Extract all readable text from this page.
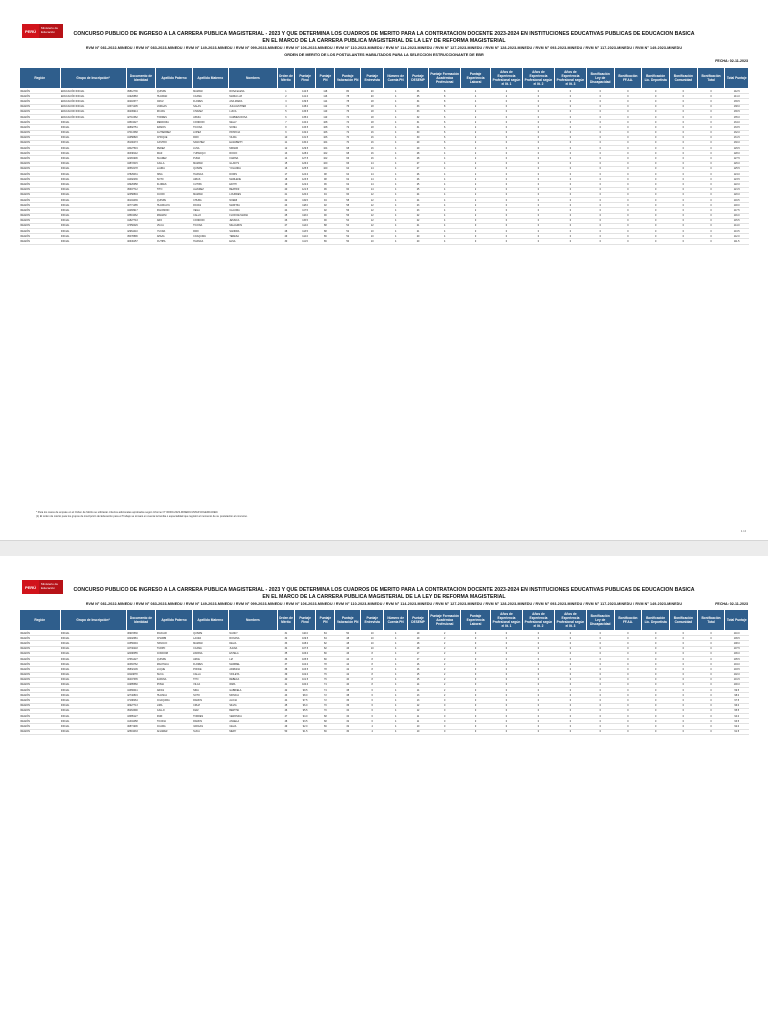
PERÚ
Ministerio de Educación	CONCURSO PUBLICO DE INGRESO A LA CARRERA PUBLICA MAGISTERIAL - 2023 Y QUE DETERMINA LOS CUADROS DE MERITO PARA LA CONTRATACION DOCENTE 2023-2024 EN INSTITUCIONES EDUCATIVAS PUBLICAS DE EDUCACION BASICA
EN EL MARCO DE LA CARRERA PUBLICA MAGISTERIAL DE LA LEY DE REFORMA MAGISTERIAL
RVM N° 081-2022-MINEDU / RVM N° 083-2023-MINEDU / RVM N° 149-2023-MINEDU / RVM N° 099-2023-MINEDU / RVM N° 106-2023-MINEDU / RVM N° 110-2023-MINEDU / RVM N° 114-2023-MINEDU / RVM N° 127-2023-MINEDU / RVM N° 128-2023-MINEDU / RVM N° 093-2023-MINEDU / RVM N° 117-2023-MINEDU / RVM N° 149-2023-MINEDU
ORDEN DE MERITO DE LOS POSTULANTES HABILITADOS PARA LA SELECCION ESTRUCCIONANTE DE EBR
FECHA: 02-11-2023
Región	Grupo de Inscripción*	Documento de Identidad	Apellido Paterno	Apellido Materno	Nombres	Orden de Mérito	Puntaje Final	Puntaje PN	Puntaje Valoración PN	Puntaje Entrevista	Número de Cuenta PN	Puntaje DESEMP	Puntaje Formación Académica Profesional	Puntaje Experiencia Laboral	Años de Experiencia Profesional según el lit. 1	Años de Experiencia Profesional según el lit. 2	Años de Experiencia Profesional según el lit. 3	Bonificación Ley de Discapacidad	Bonificación FF.AA.	Bonificación Lic. Deportista	Bonificación Comunidad	Bonificación Total	Total Puntaje
REGIÓN	EDUCACIÓN INICIAL	45812736	QUISPE	MAMANI	ROSA ELENA	1	142.5	118	80	20	4	36	8	4	2	0	0	0	0	0	0	0	142.5
REGIÓN	EDUCACIÓN INICIAL	41920883	HUAMAN	CCAMA	MARIA LUZ	2	141.0	116	78	20	4	35	8	4	2	0	0	0	0	0	0	0	141.0
REGIÓN	EDUCACIÓN INICIAL	40218377	CRUZ	FLORES	ANA MARIA	3	139.5	114	78	18	4	34	8	4	0	0	0	0	0	0	0	0	139.5
REGIÓN	EDUCACIÓN INICIAL	43371205	VARGAS	SALAS	JULIA ESTHER	4	138.0	112	76	18	4	33	8	2	0	0	0	0	0	0	0	0	138.0
REGIÓN	EDUCACIÓN INICIAL	46209914	ROJAS	CHAVEZ	LUCIA	5	136.5	110	76	18	4	33	6	2	0	0	0	0	0	0	0	0	136.5
REGIÓN	EDUCACIÓN INICIAL	42710362	TORRES	APAZA	CARMEN ROSA	6	135.0	110	74	18	4	32	6	2	0	0	0	0	0	0	0	0	135.0
REGIÓN	INICIAL	44519027	MENDOZA	CONDORI	NELLY	7	134.0	108	74	18	4	31	6	2	0	0	0	0	0	0	0	0	134.0
REGIÓN	INICIAL	40892751	RAMOS	TICONA	SONIA	8	133.5	108	72	18	4	31	6	2	0	0	0	0	0	0	0	0	133.5
REGIÓN	INICIAL	47013368	GUTIERREZ	LOPEZ	PATRICIA	9	132.0	106	72	16	4	30	6	2	0	0	0	0	0	0	0	0	132.0
REGIÓN	INICIAL	41658820	CHOQUE	PARI	VILMA	10	131.5	106	70	16	4	30	6	2	0	0	0	0	0	0	0	0	131.5
REGIÓN	INICIAL	45190473	CASTRO	SANCHEZ	ELIZABETH	11	130.0	104	70	16	4	29	6	2	0	0	0	0	0	0	0	0	130.0
REGIÓN	INICIAL	43027519	PEREZ	LUNA	MIRIAM	12	129.5	104	68	16	4	29	6	2	0	0	0	0	0	0	0	0	129.5
REGIÓN	INICIAL	46338142	DIAZ	YUPANQUI	ROCIO	13	128.0	102	68	16	4	28	4	2	0	0	0	0	0	0	0	0	128.0
REGIÓN	INICIAL	42281906	SUAREZ	PUMA	KARINA	14	127.5	102	66	16	4	28	4	2	0	0	0	0	0	0	0	0	127.5
REGIÓN	INICIAL	44872015	CALLA	MAMANI	GLADYS	15	126.0	100	66	14	4	27	4	2	0	0	0	0	0	0	0	0	126.0
REGIÓN	INICIAL	40563178	LAURA	QUISPE	YOLANDA	16	125.5	100	64	14	4	27	4	2	0	0	0	0	0	0	0	0	125.5
REGIÓN	INICIAL	47829031	NINA	HUANCA	DORIS	17	124.0	98	64	14	4	26	4	2	0	0	0	0	0	0	0	0	124.0
REGIÓN	INICIAL	41092236	SOTO	ARIAS	MARLENE	18	123.5	98	62	14	4	26	4	2	0	0	0	0	0	0	0	0	123.5
REGIÓN	INICIAL	43926658	FLORES	CUTIPA	EDITH	19	122.0	96	62	14	4	25	4	2	0	0	0	0	0	0	0	0	122.0
REGIÓN	INICIAL	45607712	TITO	ALVAREZ	BEATRIZ	20	121.5	96	60	14	4	25	4	2	0	0	0	0	0	0	0	0	121.5
REGIÓN	INICIAL	42358804	CCORI	MAMANI	LOURDES	21	120.0	94	60	12	4	24	4	2	0	0	0	0	0	0	0	0	120.0
REGIÓN	INICIAL	46104439	QUISPE	CHURA	NOEMI	22	119.5	94	58	12	4	24	4	2	0	0	0	0	0	0	0	0	119.5
REGIÓN	INICIAL	40771285	HUARCAYA	ROJAS	MARITZA	23	118.0	92	58	12	4	23	4	2	0	0	0	0	0	0	0	0	118.0
REGIÓN	INICIAL	44283917	PALOMINO	VEGA	CLAUDIA	24	117.5	92	56	12	4	23	4	2	0	0	0	0	0	0	0	0	117.5
REGIÓN	INICIAL	43519062	MAMANI	CALLO	FLOR DE MARIA	25	116.0	90	56	12	4	22	4	2	0	0	0	0	0	0	0	0	116.0
REGIÓN	INICIAL	41827743	ARO	CONDORI	JESSICA	26	115.5	90	54	12	4	22	4	0	0	0	0	0	0	0	0	0	115.5
REGIÓN	INICIAL	47350029	VILCA	TICONA	MILAGROS	27	114.0	88	54	12	4	21	4	0	0	0	0	0	0	0	0	0	114.0
REGIÓN	INICIAL	42964410	YUCRA	PARI	SANDRA	28	113.5	88	52	10	4	21	4	0	0	0	0	0	0	0	0	0	113.5
REGIÓN	INICIAL	45078896	APAZA	COAQUIRA	TERESA	29	112.0	86	52	10	4	20	4	0	0	0	0	0	0	0	0	0	112.0
REGIÓN	INICIAL	40649157	CUTIPA	HUANCA	ELSA	30	111.5	86	50	10	4	20	4	0	0	0	0	0	0	0	0	0	111.5
* Para los casos de empate en el Orden de Mérito se utilizarán criterios adicionales aprobados según Informe N° 00000-2023-MINEDU/VMGP-DIGEDD-DIED.
(1) El orden de mérito para los grupos de inscripción de Educación para el Trabajo se tomará en cuenta la familia o especialidad que registró al momento de su postulación al concurso.
1 / 2
PERÚ
Ministerio de Educación	CONCURSO PUBLICO DE INGRESO A LA CARRERA PUBLICA MAGISTERIAL - 2023 Y QUE DETERMINA LOS CUADROS DE MERITO PARA LA CONTRATACION DOCENTE 2023-2024 EN INSTITUCIONES EDUCATIVAS PUBLICAS DE EDUCACION BASICA
EN EL MARCO DE LA CARRERA PUBLICA MAGISTERIAL DE LA LEY DE REFORMA MAGISTERIAL
RVM N° 081-2022-MINEDU / RVM N° 083-2023-MINEDU / RVM N° 149-2023-MINEDU / RVM N° 099-2023-MINEDU / RVM N° 106-2023-MINEDU / RVM N° 110-2023-MINEDU / RVM N° 114-2023-MINEDU / RVM N° 127-2023-MINEDU / RVM N° 128-2023-MINEDU / RVM N° 093-2023-MINEDU / RVM N° 117-2023-MINEDU / RVM N° 149-2023-MINEDU	FECHA: 02-11-2023
Región	Grupo de Inscripción*	Documento de Identidad	Apellido Paterno	Apellido Materno	Nombres	Orden de Mérito	Puntaje Final	Puntaje PN	Puntaje Valoración PN	Puntaje Entrevista	Número de Cuenta PN	Puntaje DESEMP	Puntaje Formación Académica Profesional	Puntaje Experiencia Laboral	Años de Experiencia Profesional según el lit. 1	Años de Experiencia Profesional según el lit. 2	Años de Experiencia Profesional según el lit. 3	Bonificación Ley de Discapacidad	Bonificación FF.AA.	Bonificación Lic. Deportista	Bonificación Comunidad	Bonificación Total	Total Puntaje
REGIÓN	INICIAL	46915530	PAUCAR	QUISPE	NANCY	31	110.0	84	50	10	4	19	2	0	0	0	0	0	0	0	0	0	110.0
REGIÓN	INICIAL	43202681	CHAMBI	LAURA	ROXANA	32	109.5	84	48	10	4	19	2	0	0	0	0	0	0	0	0	0	109.5
REGIÓN	INICIAL	41556094	HANCCO	MAMANI	DELIA	33	108.0	82	48	10	4	18	2	0	0	0	0	0	0	0	0	0	108.0
REGIÓN	INICIAL	44730218	TURPO	CCAMA	JUANA	34	107.5	82	46	10	4	18	2	0	0	0	0	0	0	0	0	0	107.5
REGIÓN	INICIAL	42098355	CONDORI	ZAPANA	ESTELA	35	106.0	80	46	8	4	17	2	0	0	0	0	0	0	0	0	0	106.0
REGIÓN	INICIAL	47661427	QUISPE	ARCE	LIZ	36	105.5	80	44	8	4	17	2	0	0	0	0	0	0	0	0	0	105.5
REGIÓN	INICIAL	40384762	MACHACA	FLORES	MARIBEL	37	104.0	78	44	8	4	16	2	0	0	0	0	0	0	0	0	0	104.0
REGIÓN	INICIAL	45832109	LUQUE	PONCE	ADRIANA	38	103.5	78	42	8	4	16	2	0	0	0	0	0	0	0	0	0	103.5
REGIÓN	INICIAL	43119878	SUCA	CALLA	VIOLETA	39	102.0	76	42	8	4	15	2	0	0	0	0	0	0	0	0	0	102.0
REGIÓN	INICIAL	46407335	ZAPANA	TITO	REBECA	40	101.5	76	40	8	4	15	2	0	0	0	0	0	0	0	0	0	101.5
REGIÓN	INICIAL	41985560	POMA	VILCA	IRMA	41	100.0	74	40	8	4	14	2	0	0	0	0	0	0	0	0	0	100.0
REGIÓN	INICIAL	44366041	ARIAS	NINA	GABRIELA	42	99.5	74	38	6	4	14	2	0	0	0	0	0	0	0	0	0	99.5
REGIÓN	INICIAL	42740819	HUANCA	SOTO	MONICA	43	98.0	72	38	6	4	13	2	0	0	0	0	0	0	0	0	0	98.0
REGIÓN	INICIAL	47198264	COAQUIRA	RAMOS	ALICIA	44	97.5	72	36	6	4	13	0	0	0	0	0	0	0	0	0	0	97.5
REGIÓN	INICIAL	40927713	LIMA	CRUZ	SILVIA	45	96.0	70	36	6	4	12	0	0	0	0	0	0	0	0	0	0	96.0
REGIÓN	INICIAL	45263390	CALLO	DIAZ	BERTHA	46	95.5	70	34	6	4	12	0	0	0	0	0	0	0	0	0	0	95.5
REGIÓN	INICIAL	43685127	PARI	TORRES	VERONICA	47	94.0	68	34	6	4	11	0	0	0	0	0	0	0	0	0	0	94.0
REGIÓN	INICIAL	41304458	TICONA	RAMOS	ANGELA	48	93.5	68	32	6	4	11	0	0	0	0	0	0	0	0	0	0	93.5
REGIÓN	INICIAL	46871906	CCAMA	VARGAS	CELIA	49	92.0	66	32	4	4	10	0	0	0	0	0	0	0	0	0	0	92.0
REGIÓN	INICIAL	42519033	ALVAREZ	SUCA	MERY	50	91.5	66	30	4	4	10	0	0	0	0	0	0	0	0	0	0	91.5
